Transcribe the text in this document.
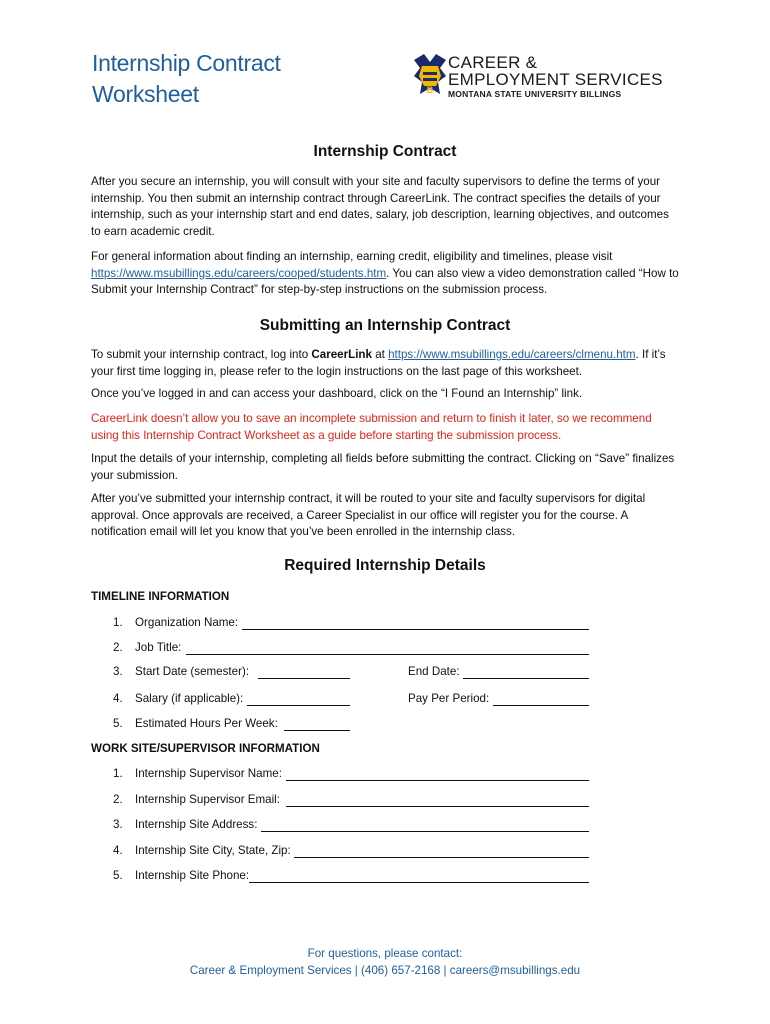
Internship Contract
Worksheet	B
CAREER &
EMPLOYMENT SERVICES
MONTANA STATE UNIVERSITY BILLINGS
Internship Contract
After you secure an internship, you will consult with your site and faculty supervisors to define the terms of your internship. You then submit an internship contract through CareerLink. The contract specifies the details of your internship, such as your internship start and end dates, salary, job description, learning objectives, and outcomes to earn academic credit.
For general information about finding an internship, earning credit, eligibility and timelines, please visit https://www.msubillings.edu/careers/cooped/students.htm. You can also view a video demonstration called “How to Submit your Internship Contract” for step-by-step instructions on the submission process.
Submitting an Internship Contract
To submit your internship contract, log into CareerLink at https://www.msubillings.edu/careers/clmenu.htm. If it’s your first time logging in, please refer to the login instructions on the last page of this worksheet.
Once you’ve logged in and can access your dashboard, click on the “I Found an Internship” link.
CareerLink doesn’t allow you to save an incomplete submission and return to finish it later, so we recommend using this Internship Contract Worksheet as a guide before starting the submission process.
Input the details of your internship, completing all fields before submitting the contract. Clicking on “Save” finalizes your submission.
After you’ve submitted your internship contract, it will be routed to your site and faculty supervisors for digital approval. Once approvals are received, a Career Specialist in our office will register you for the course. A notification email will let you know that you’ve been enrolled in the internship class.
Required Internship Details
TIMELINE INFORMATION
1.	Organization Name:
2.	Job Title:
3.	Start Date (semester):	End Date:
4.	Salary (if applicable):	Pay Per Period:
5.	Estimated Hours Per Week:
WORK SITE/SUPERVISOR INFORMATION
1.	Internship Supervisor Name:
2.	Internship Supervisor Email:
3.	Internship Site Address:
4.	Internship Site City, State, Zip:
5.	Internship Site Phone:
For questions, please contact:
Career & Employment Services | (406) 657-2168 | careers@msubillings.edu
